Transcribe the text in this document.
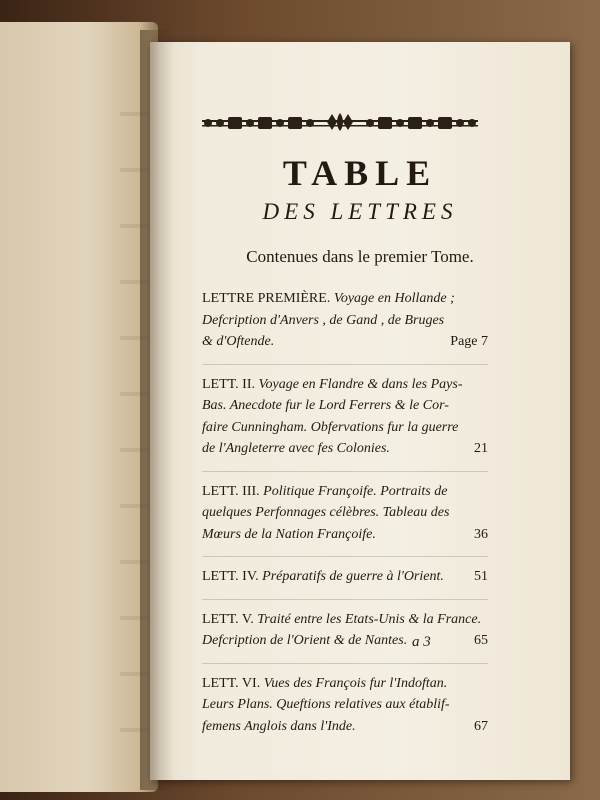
TABLE
DES LETTRES
Contenues dans le premier Tome.
LETTRE PREMIÈRE. Voyage en Hollande ;
Defcription d'Anvers , de Gand , de Bruges
& d'Oftende.	Page 7
LETT. II. Voyage en Flandre & dans les Pays-
Bas. Anecdote fur le Lord Ferrers & le Cor-
faire Cunningham. Obfervations fur la guerre
de l'Angleterre avec fes Colonies.	21
LETT. III. Politique Françoife. Portraits de
quelques Perfonnages célèbres. Tableau des
Mœurs de la Nation Françoife.	36
LETT. IV. Préparatifs de guerre à l'Orient. 51
LETT. V. Traité entre les Etats-Unis & la France.
Defcription de l'Orient & de Nantes.	65
LETT. VI. Vues des François fur l'Indoftan.
Leurs Plans. Queftions relatives aux établif-
femens Anglois dans l'Inde.	67
a 3
